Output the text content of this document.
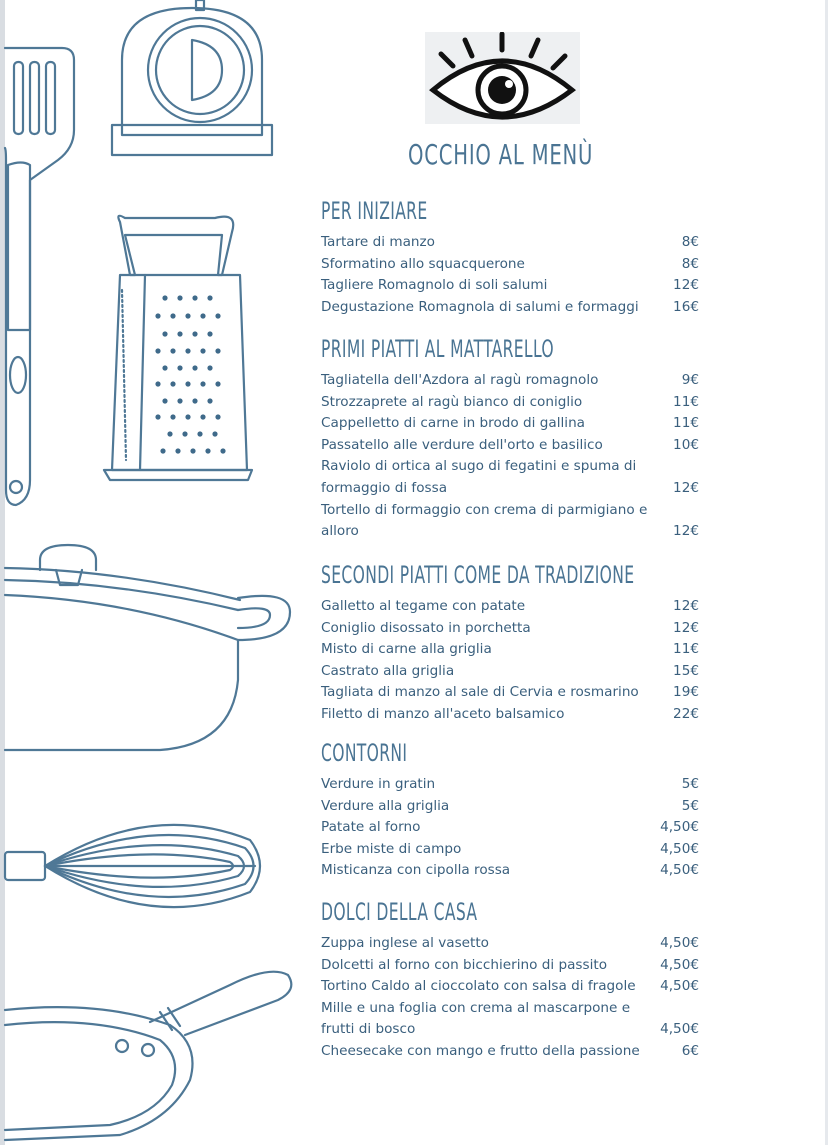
OCCHIO AL MENÙ
PER INIZIARE
Tartare di manzo	8€
Sformatino allo squacquerone	8€
Tagliere Romagnolo di soli salumi	12€
Degustazione Romagnola di salumi e formaggi	16€
PRIMI PIATTI AL MATTARELLO
Tagliatella dell'Azdora al ragù romagnolo	9€
Strozzaprete al ragù bianco di coniglio	11€
Cappelletto di carne in brodo di gallina	11€
Passatello alle verdure dell'orto e basilico	10€
Raviolo di ortica al sugo di fegatini e spuma di formaggio di fossa	12€
Tortello di formaggio con crema di parmigiano e alloro	12€
SECONDI PIATTI COME DA TRADIZIONE
Galletto al tegame con patate	12€
Coniglio disossato in porchetta	12€
Misto di carne alla griglia	11€
Castrato alla griglia	15€
Tagliata di manzo al sale di Cervia e rosmarino	19€
Filetto di manzo all'aceto balsamico	22€
CONTORNI
Verdure in gratin	5€
Verdure alla griglia	5€
Patate al forno	4,50€
Erbe miste di campo	4,50€
Misticanza con cipolla rossa	4,50€
DOLCI DELLA CASA
Zuppa inglese al vasetto	4,50€
Dolcetti al forno con bicchierino di passito	4,50€
Tortino Caldo al cioccolato con salsa di fragole	4,50€
Mille e una foglia con crema al mascarpone e frutti di bosco	4,50€
Cheesecake con mango e frutto della passione	6€
